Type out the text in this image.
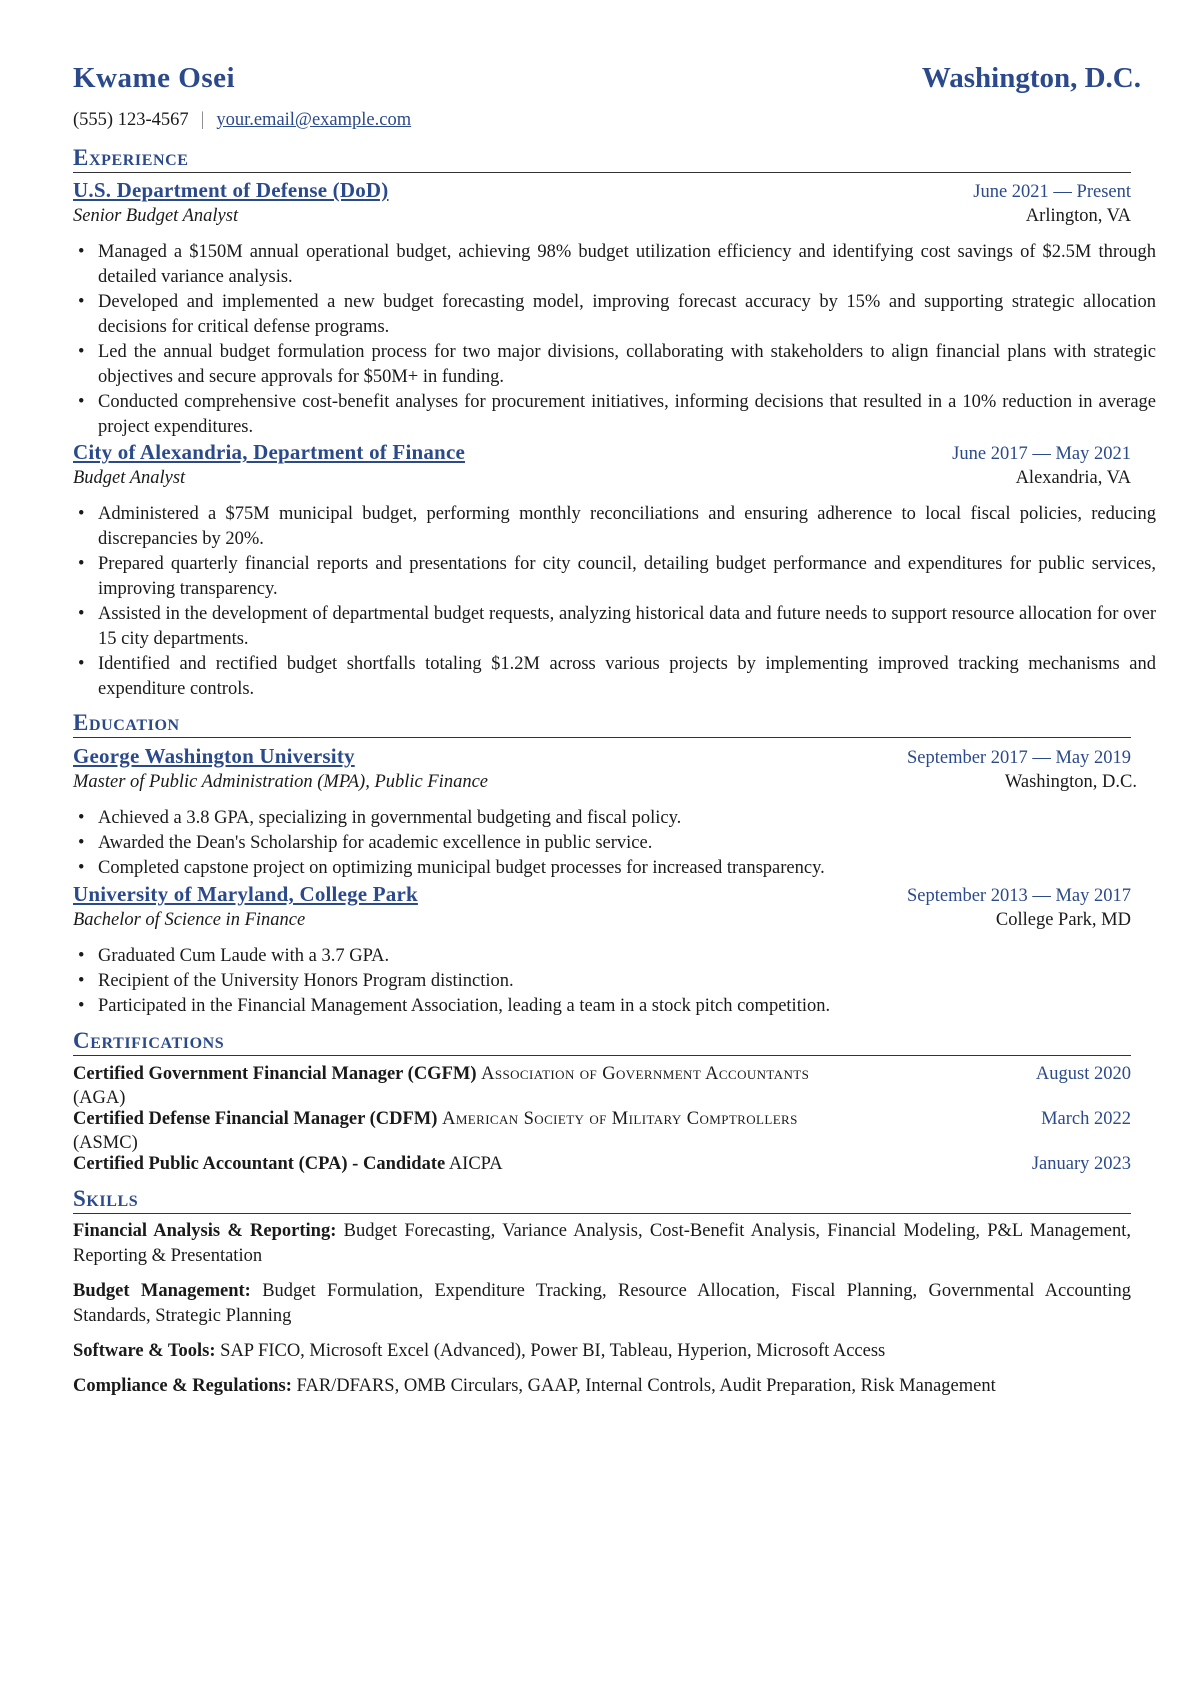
Kwame Osei	Washington, D.C.
(555) 123-4567 | your.email@example.com
Experience
U.S. Department of Defense (DoD)	June 2021 — Present
Senior Budget Analyst	Arlington, VA
• Managed a $150M annual operational budget, achieving 98% budget utilization efficiency and identifying cost savings of $2.5M through detailed variance analysis.
• Developed and implemented a new budget forecasting model, improving forecast accuracy by 15% and supporting strategic allocation decisions for critical defense programs.
• Led the annual budget formulation process for two major divisions, collaborating with stakeholders to align financial plans with strategic objectives and secure approvals for $50M+ in funding.
• Conducted comprehensive cost-benefit analyses for procurement initiatives, informing decisions that resulted in a 10% reduction in average project expenditures.
City of Alexandria, Department of Finance	June 2017 — May 2021
Budget Analyst	Alexandria, VA
• Administered a $75M municipal budget, performing monthly reconciliations and ensuring adherence to local fiscal policies, reducing discrepancies by 20%.
• Prepared quarterly financial reports and presentations for city council, detailing budget performance and expenditures for public services, improving transparency.
• Assisted in the development of departmental budget requests, analyzing historical data and future needs to support resource allocation for over 15 city departments.
• Identified and rectified budget shortfalls totaling $1.2M across various projects by implementing improved tracking mechanisms and expenditure controls.
Education
George Washington University	September 2017 — May 2019
Master of Public Administration (MPA), Public Finance	Washington, D.C.
• Achieved a 3.8 GPA, specializing in governmental budgeting and fiscal policy.
• Awarded the Dean's Scholarship for academic excellence in public service.
• Completed capstone project on optimizing municipal budget processes for increased transparency.
University of Maryland, College Park	September 2013 — May 2017
Bachelor of Science in Finance	College Park, MD
• Graduated Cum Laude with a 3.7 GPA.
• Recipient of the University Honors Program distinction.
• Participated in the Financial Management Association, leading a team in a stock pitch competition.
Certifications
Certified Government Financial Manager (CGFM) Association of Government Accountants	August 2020
(AGA)
Certified Defense Financial Manager (CDFM) American Society of Military Comptrollers	March 2022
(ASMC)
Certified Public Accountant (CPA) - Candidate AICPA	January 2023
Skills
Financial Analysis & Reporting: Budget Forecasting, Variance Analysis, Cost-Benefit Analysis, Financial Modeling, P&L Management, Reporting & Presentation
Budget Management: Budget Formulation, Expenditure Tracking, Resource Allocation, Fiscal Planning, Governmental Accounting Standards, Strategic Planning
Software & Tools: SAP FICO, Microsoft Excel (Advanced), Power BI, Tableau, Hyperion, Microsoft Access
Compliance & Regulations: FAR/DFARS, OMB Circulars, GAAP, Internal Controls, Audit Preparation, Risk Management
